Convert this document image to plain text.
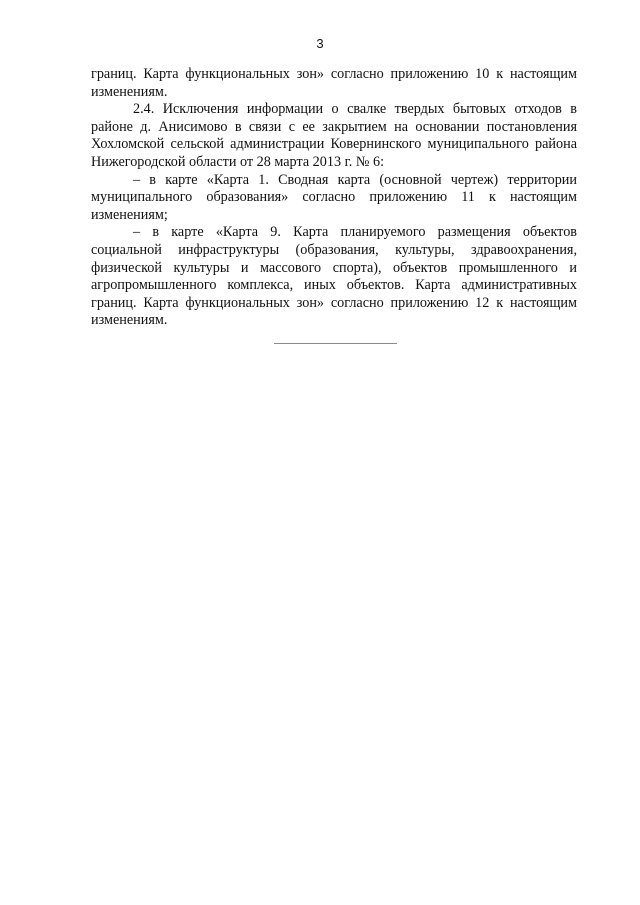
3

границ. Карта функциональных зон» согласно приложению 10 к настоящим изменениям.

2.4. Исключения информации о свалке твердых бытовых отходов в районе д. Анисимово в связи с ее закрытием на основании постановления Хохломской сельской администрации Ковернинского муниципального района Нижегородской области от 28 марта 2013 г. № 6:

– в карте «Карта 1. Сводная карта (основной чертеж) территории муниципального образования» согласно приложению 11 к настоящим изменениям;

– в карте «Карта 9. Карта планируемого размещения объектов социальной инфраструктуры (образования, культуры, здравоохранения, физической культуры и массового спорта), объектов промышленного и агропромышленного комплекса, иных объектов. Карта административных границ. Карта функциональных зон» согласно приложению 12 к настоящим изменениям.
